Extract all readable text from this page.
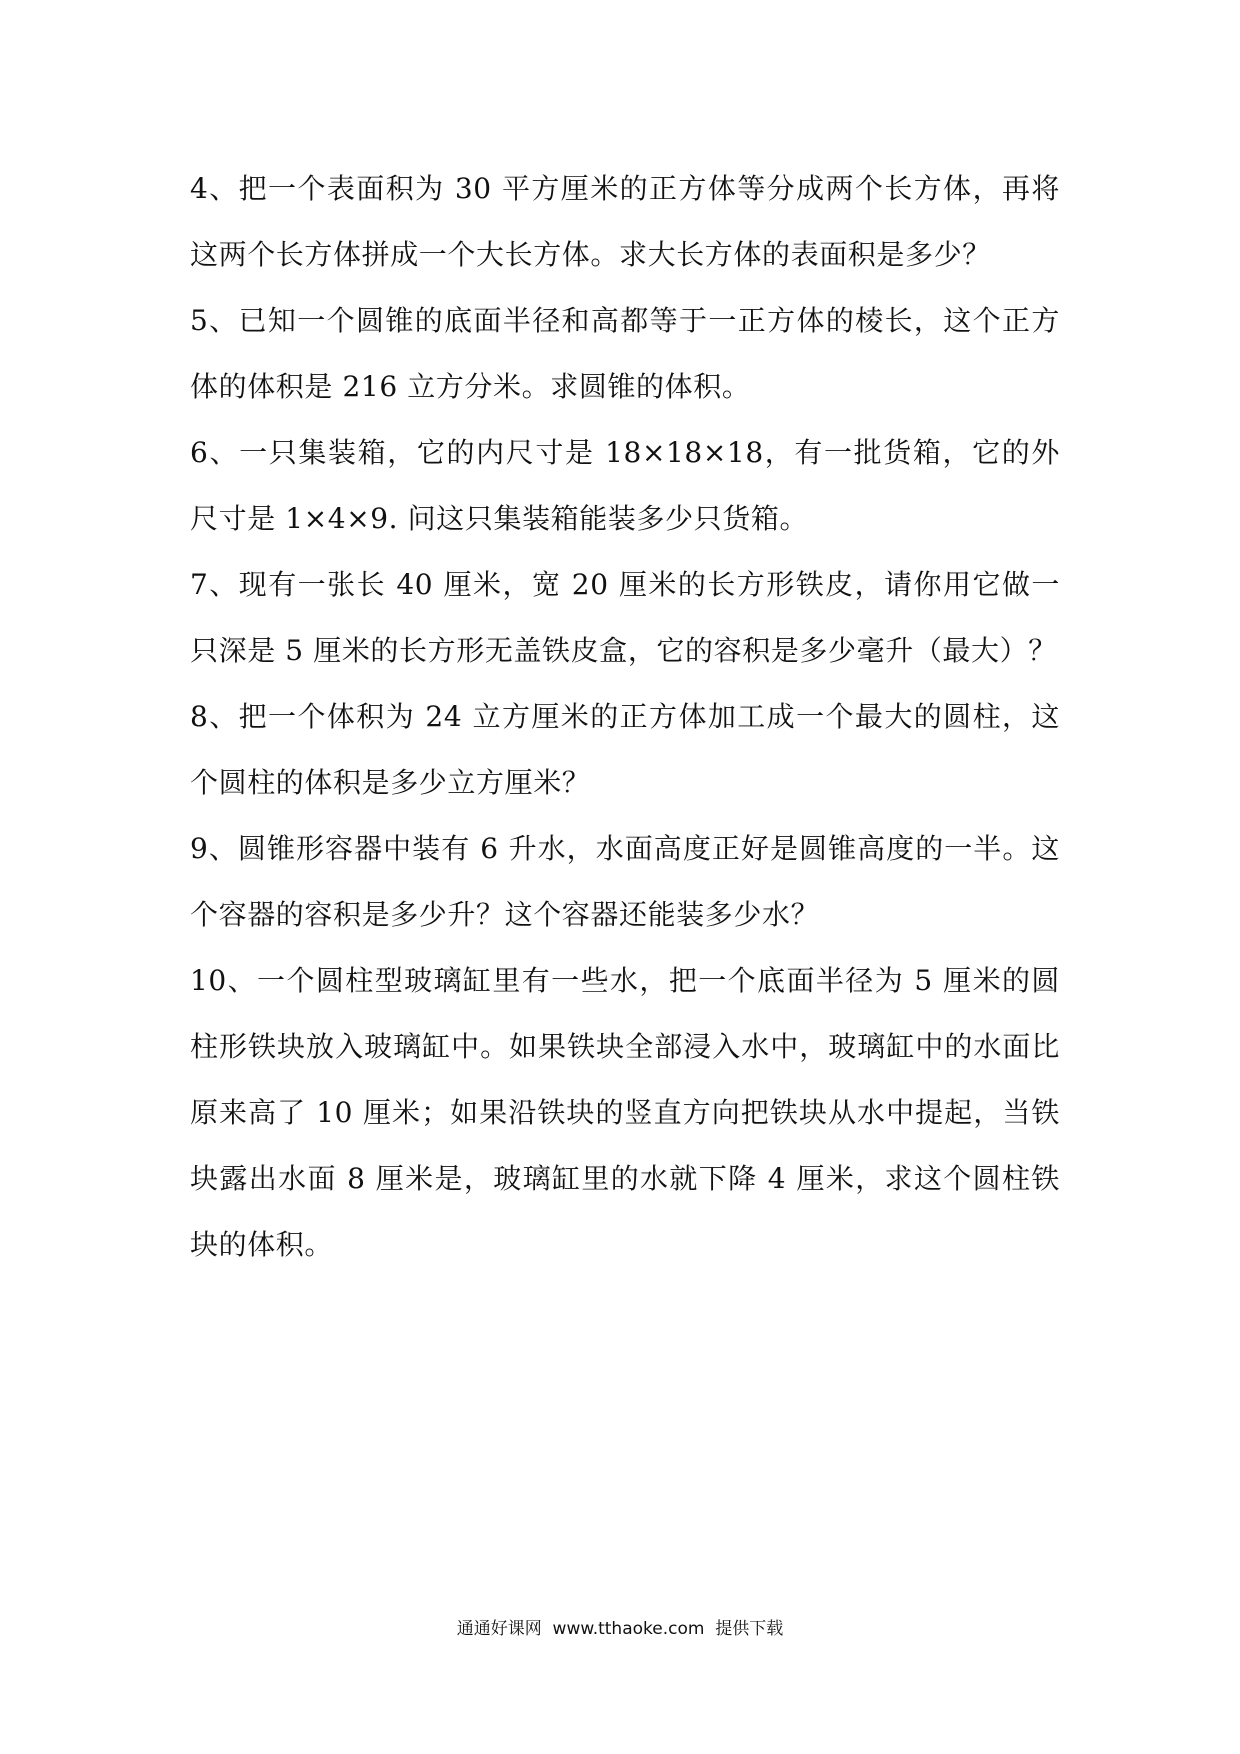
4、把一个表面积为 30 平方厘米的正方体等分成两个长方体，再将这两个长方体拼成一个大长方体。求大长方体的表面积是多少？

5、已知一个圆锥的底面半径和高都等于一正方体的棱长，这个正方体的体积是 216 立方分米。求圆锥的体积。

6、一只集装箱，它的内尺寸是 18×18×18，有一批货箱，它的外尺寸是 1×4×9. 问这只集装箱能装多少只货箱。

7、现有一张长 40 厘米，宽 20 厘米的长方形铁皮，请你用它做一只深是 5 厘米的长方形无盖铁皮盒，它的容积是多少毫升（最大）？

8、把一个体积为 24 立方厘米的正方体加工成一个最大的圆柱，这个圆柱的体积是多少立方厘米？

9、圆锥形容器中装有 6 升水，水面高度正好是圆锥高度的一半。这个容器的容积是多少升？这个容器还能装多少水？

10、一个圆柱型玻璃缸里有一些水，把一个底面半径为 5 厘米的圆柱形铁块放入玻璃缸中。如果铁块全部浸入水中，玻璃缸中的水面比原来高了 10 厘米；如果沿铁块的竖直方向把铁块从水中提起，当铁块露出水面 8 厘米是，玻璃缸里的水就下降 4 厘米，求这个圆柱铁块的体积。

通通好课网  www.tthaoke.com  提供下载
